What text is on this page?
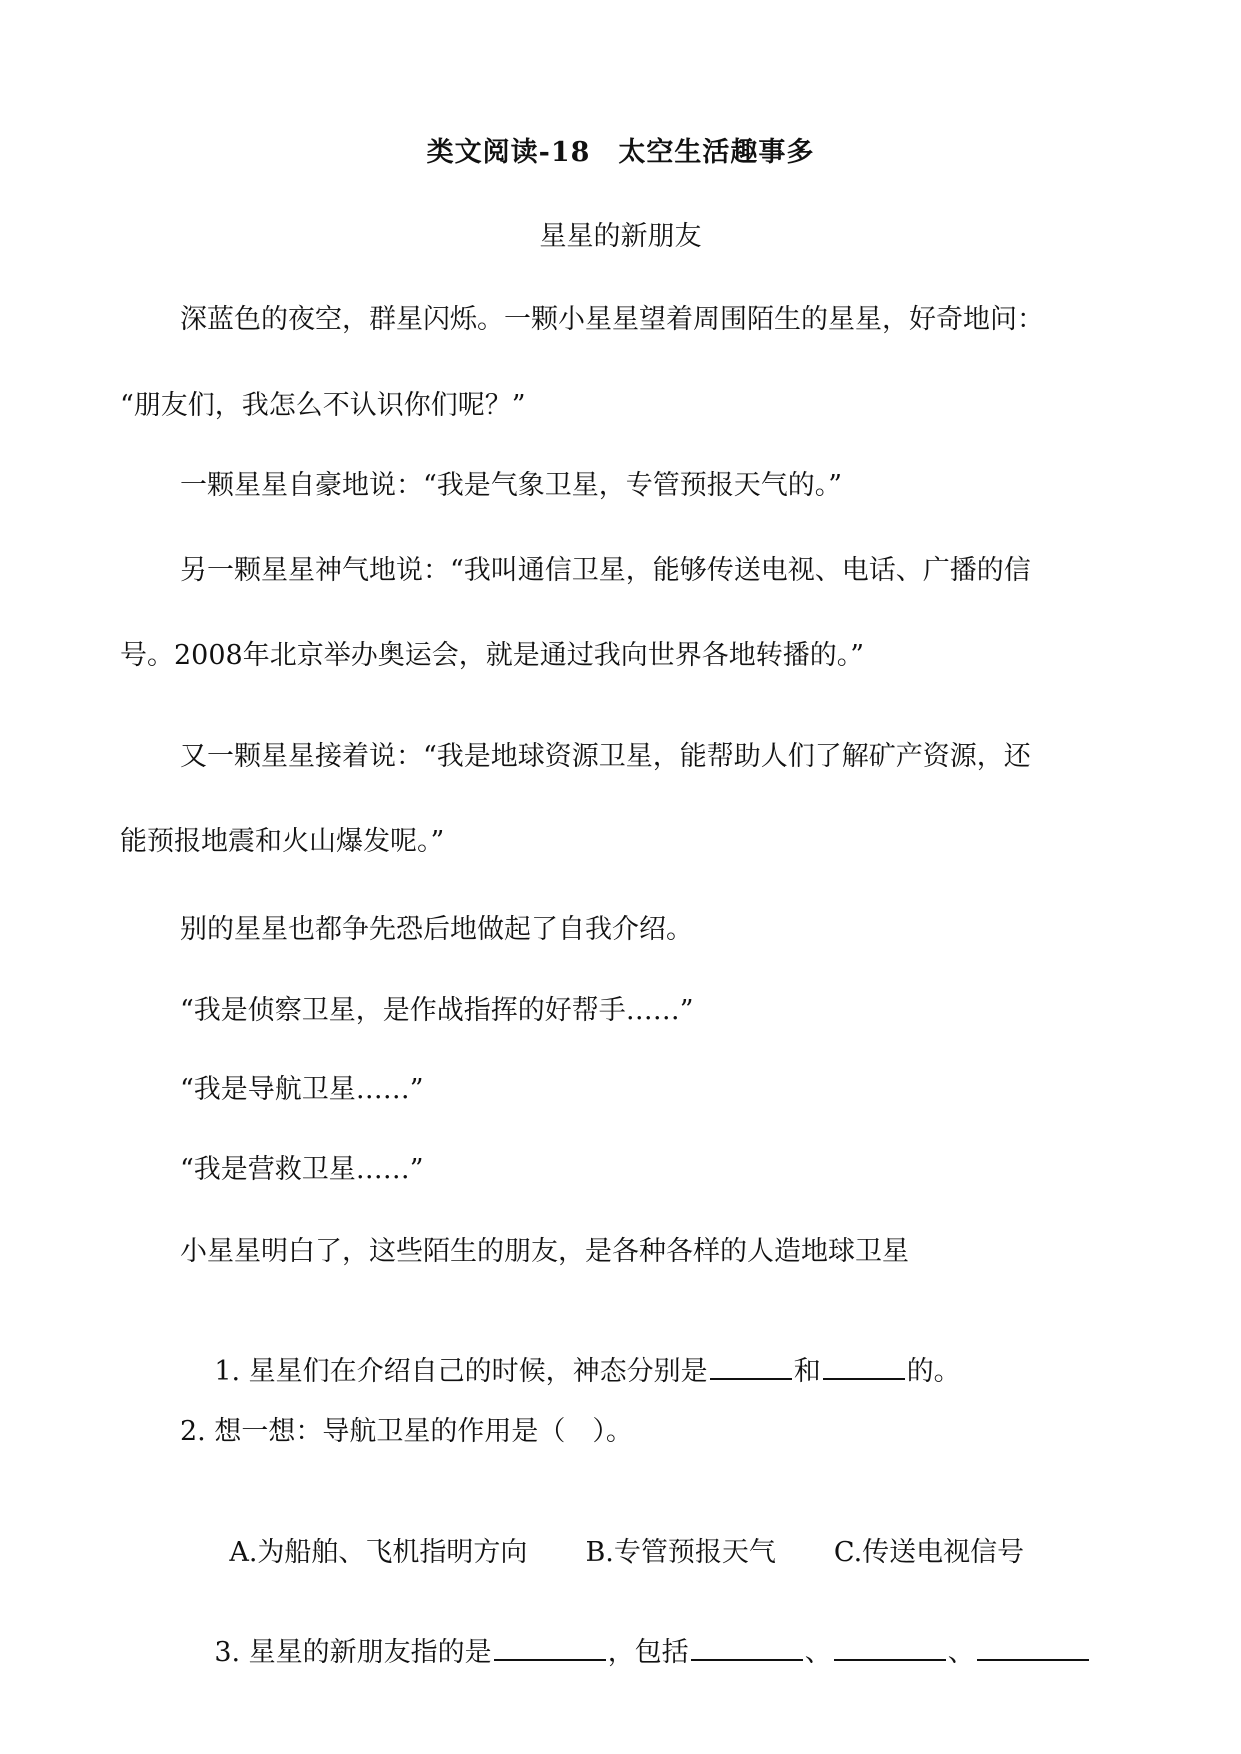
类文阅读-18　太空生活趣事多
星星的新朋友
深蓝色的夜空，群星闪烁。一颗小星星望着周围陌生的星星，好奇地问：
“朋友们，我怎么不认识你们呢？”
一颗星星自豪地说：“我是气象卫星，专管预报天气的。”
另一颗星星神气地说：“我叫通信卫星，能够传送电视、电话、广播的信
号。2008年北京举办奥运会，就是通过我向世界各地转播的。”
又一颗星星接着说：“我是地球资源卫星，能帮助人们了解矿产资源，还
能预报地震和火山爆发呢。”
别的星星也都争先恐后地做起了自我介绍。
“我是侦察卫星，是作战指挥的好帮手……”
“我是导航卫星……”
“我是营救卫星……”
小星星明白了，这些陌生的朋友，是各种各样的人造地球卫星

1. 星星们在介绍自己的时候，神态分别是	和	的。

2. 想一想：导航卫星的作用是（　）。

A.为船舶、飞机指明方向 B.专管预报天气 C.传送电视信号

3. 星星的新朋友指的是	，包括	、	、
